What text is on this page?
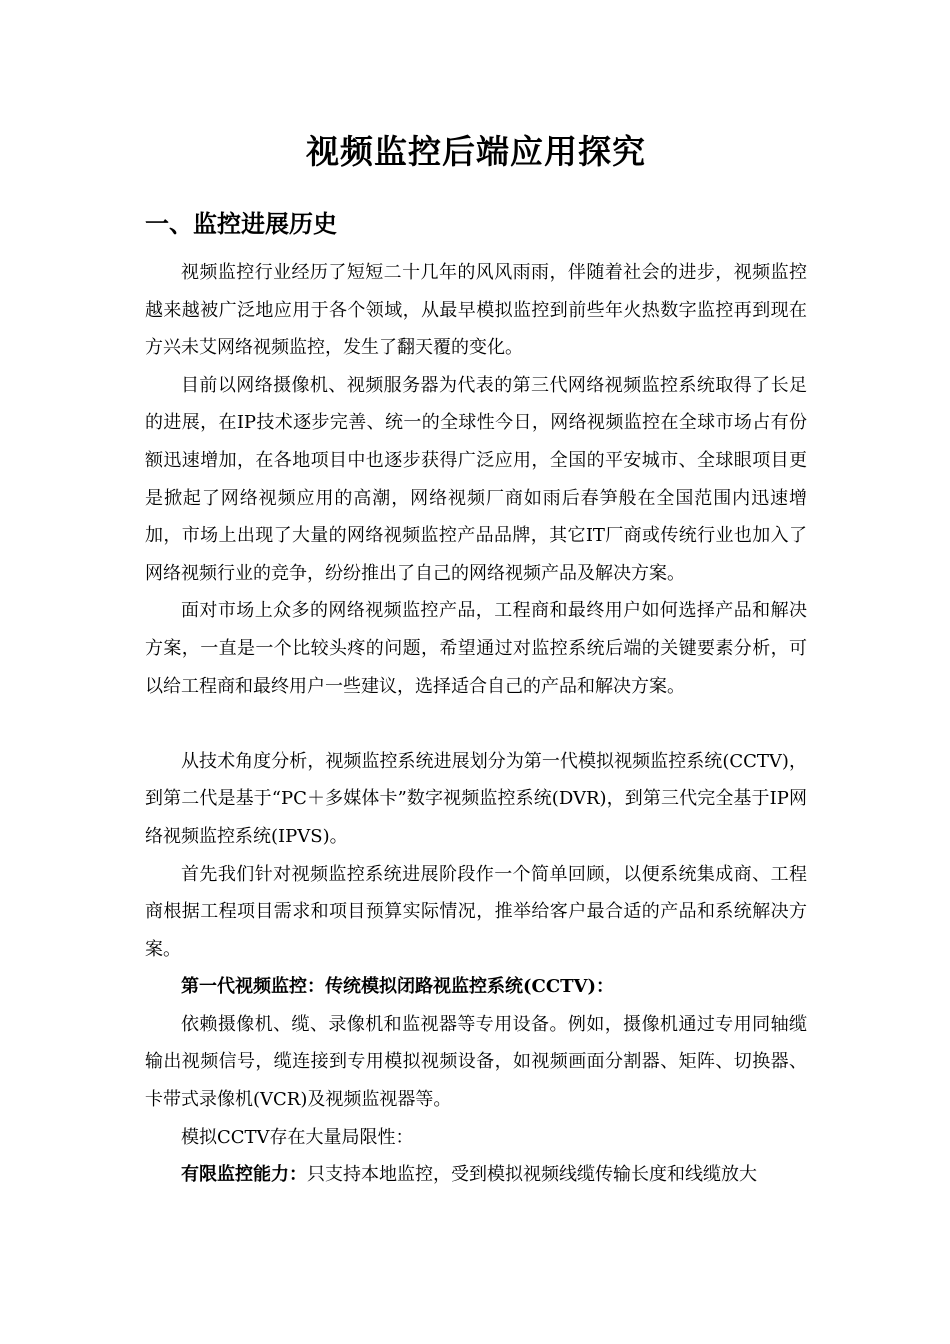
视频监控后端应用探究
一、监控进展历史

视频监控行业经历了短短二十几年的风风雨雨，伴随着社会的进步，视频监控越来越被广泛地应用于各个领域，从最早模拟监控到前些年火热数字监控再到现在方兴未艾网络视频监控，发生了翻天覆的变化。

目前以网络摄像机、视频服务器为代表的第三代网络视频监控系统取得了长足的进展，在IP技术逐步完善、统一的全球性今日，网络视频监控在全球市场占有份额迅速增加，在各地项目中也逐步获得广泛应用，全国的平安城市、全球眼项目更是掀起了网络视频应用的高潮，网络视频厂商如雨后春笋般在全国范围内迅速增加，市场上出现了大量的网络视频监控产品品牌，其它IT厂商或传统行业也加入了网络视频行业的竞争，纷纷推出了自己的网络视频产品及解决方案。

面对市场上众多的网络视频监控产品，工程商和最终用户如何选择产品和解决方案，一直是一个比较头疼的问题，希望通过对监控系统后端的关键要素分析，可以给工程商和最终用户一些建议，选择适合自己的产品和解决方案。

从技术角度分析，视频监控系统进展划分为第一代模拟视频监控系统(CCTV)，到第二代是基于“PC＋多媒体卡”数字视频监控系统(DVR)，到第三代完全基于IP网络视频监控系统(IPVS)。

首先我们针对视频监控系统进展阶段作一个简单回顾，以便系统集成商、工程商根据工程项目需求和项目预算实际情况，推举给客户最合适的产品和系统解决方案。

第一代视频监控：传统模拟闭路视监控系统(CCTV)：

依赖摄像机、缆、录像机和监视器等专用设备。例如，摄像机通过专用同轴缆输出视频信号，缆连接到专用模拟视频设备，如视频画面分割器、矩阵、切换器、卡带式录像机(VCR)及视频监视器等。

模拟CCTV存在大量局限性：

有限监控能力：只支持本地监控，受到模拟视频线缆传输长度和线缆放大
